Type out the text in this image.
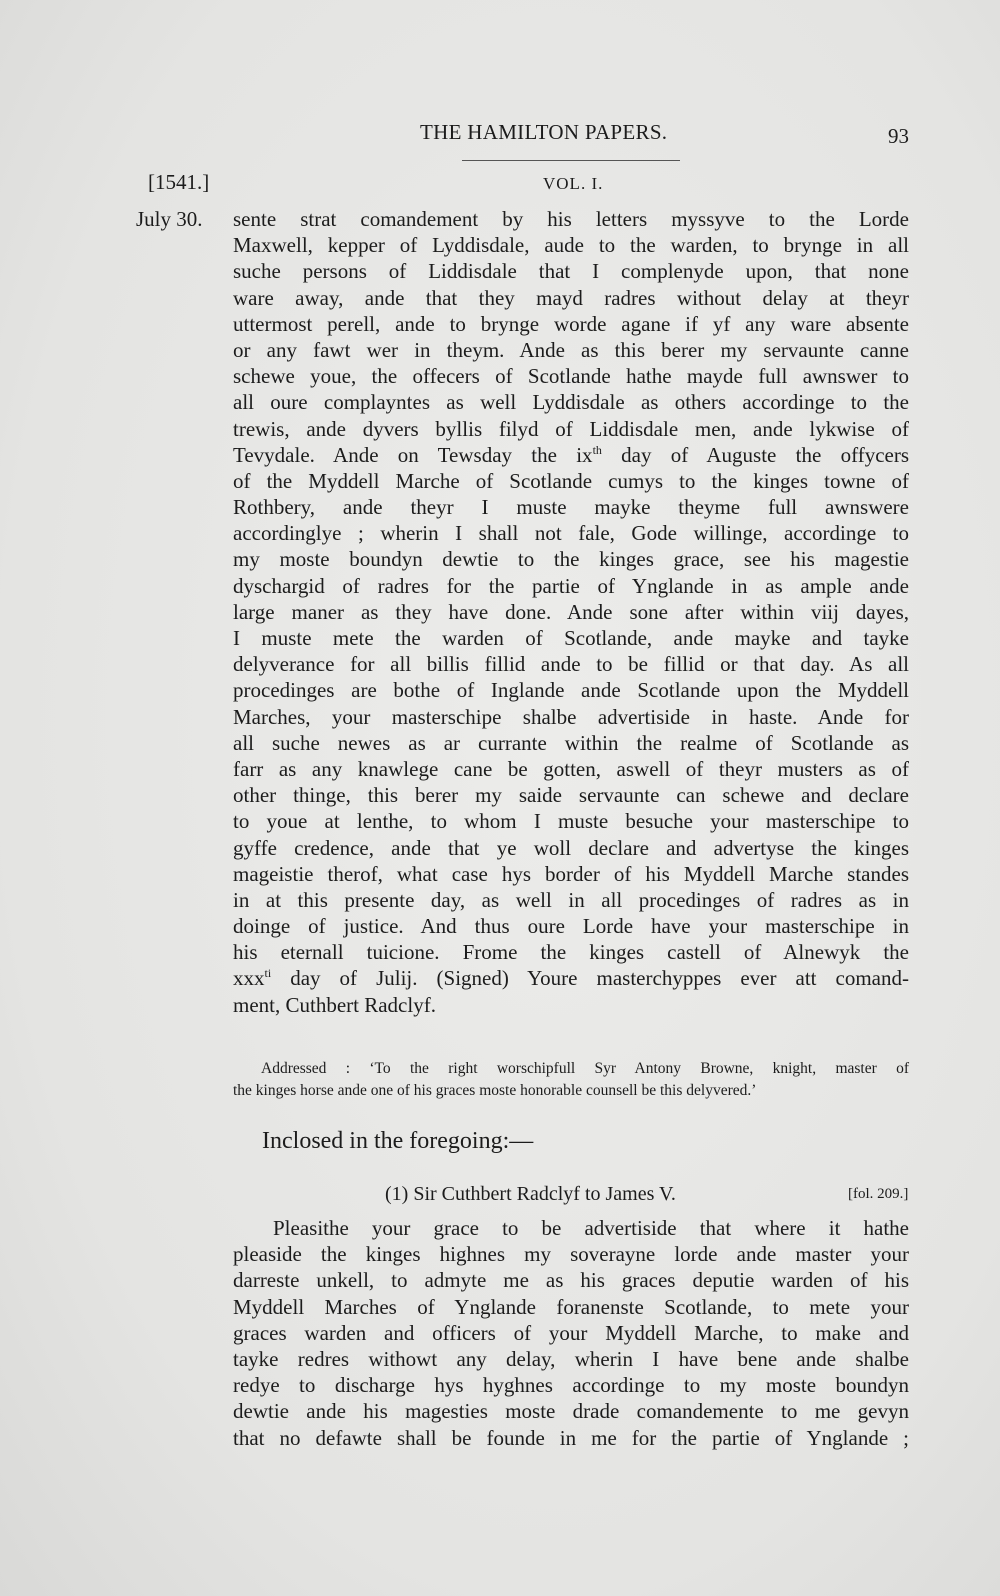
THE HAMILTON PAPERS.	93
[1541.]	VOL. I.
July 30. sente strat comandement by his letters myssyve to the Lorde
Maxwell, kepper of Lyddisdale, aude to the warden, to brynge in all
suche persons of Liddisdale that I complenyde upon, that none
ware away, ande that they mayd radres without delay at theyr
uttermost perell, ande to brynge worde agane if yf any ware absente
or any fawt wer in theym. Ande as this berer my servaunte canne
schewe youe, the offecers of Scotlande hathe mayde full awnswer to
all oure complayntes as well Lyddisdale as others accordinge to the
trewis, ande dyvers byllis filyd of Liddisdale men, ande lykwise of
Tevydale. Ande on Tewsday the $ix^{th}$ day of Auguste the offycers
of the Myddell Marche of Scotlande cumys to the kinges towne of
Rothbery, ande theyr I muste mayke theyme full awnswere
accordinglye ; wherin I shall not fale, Gode willinge, accordinge to
my moste boundyn dewtie to the kinges grace, see his magestie
dyschargid of radres for the partie of Ynglande in as ample ande
large maner as they have done. Ande sone after within viij dayes,
I muste mete the warden of Scotlande, ande mayke and tayke
delyverance for all billis fillid ande to be fillid or that day. As all
procedinges are bothe of Inglande ande Scotlande upon the Myddell
Marches, your masterschipe shalbe advertiside in haste. Ande for
all suche newes as ar currante within the realme of Scotlande as
farr as any knawlege cane be gotten, aswell of theyr musters as of
other thinge, this berer my saide servaunte can schewe and declare
to youe at lenthe, to whom I muste besuche your masterschipe to
gyffe credence, ande that ye woll declare and advertyse the kinges
mageistie therof, what case hys border of his Myddell Marche standes
in at this presente day, as well in all procedinges of radres as in
doinge of justice. And thus oure Lorde have your masterschipe in
his eternall tuicione. Frome the kinges castell of Alnewyk the
xxx$^{ti}$ day of Julij. (Signed) Youre masterchyppes ever att comand-
ment, Cuthbert Radclyf.
Addressed : ‘To the right worschipfull Syr Antony Browne, knight, master of
the kinges horse ande one of his graces moste honorable counsell be this delyvered.’
Inclosed in the foregoing:—
(1) Sir Cuthbert Radclyf to James V.	[fol. 209.]
Pleasithe your grace to be advertiside that where it hathe
pleaside the kinges highnes my soverayne lorde ande master your
darreste unkell, to admyte me as his graces deputie warden of his
Myddell Marches of Ynglande foranenste Scotlande, to mete your
graces warden and officers of your Myddell Marche, to make and
tayke redres withowt any delay, wherin I have bene ande shalbe
redye to discharge hys hyghnes accordinge to my moste boundyn
dewtie ande his magesties moste drade comandemente to me gevyn
that no defawte shall be founde in me for the partie of Ynglande ;
